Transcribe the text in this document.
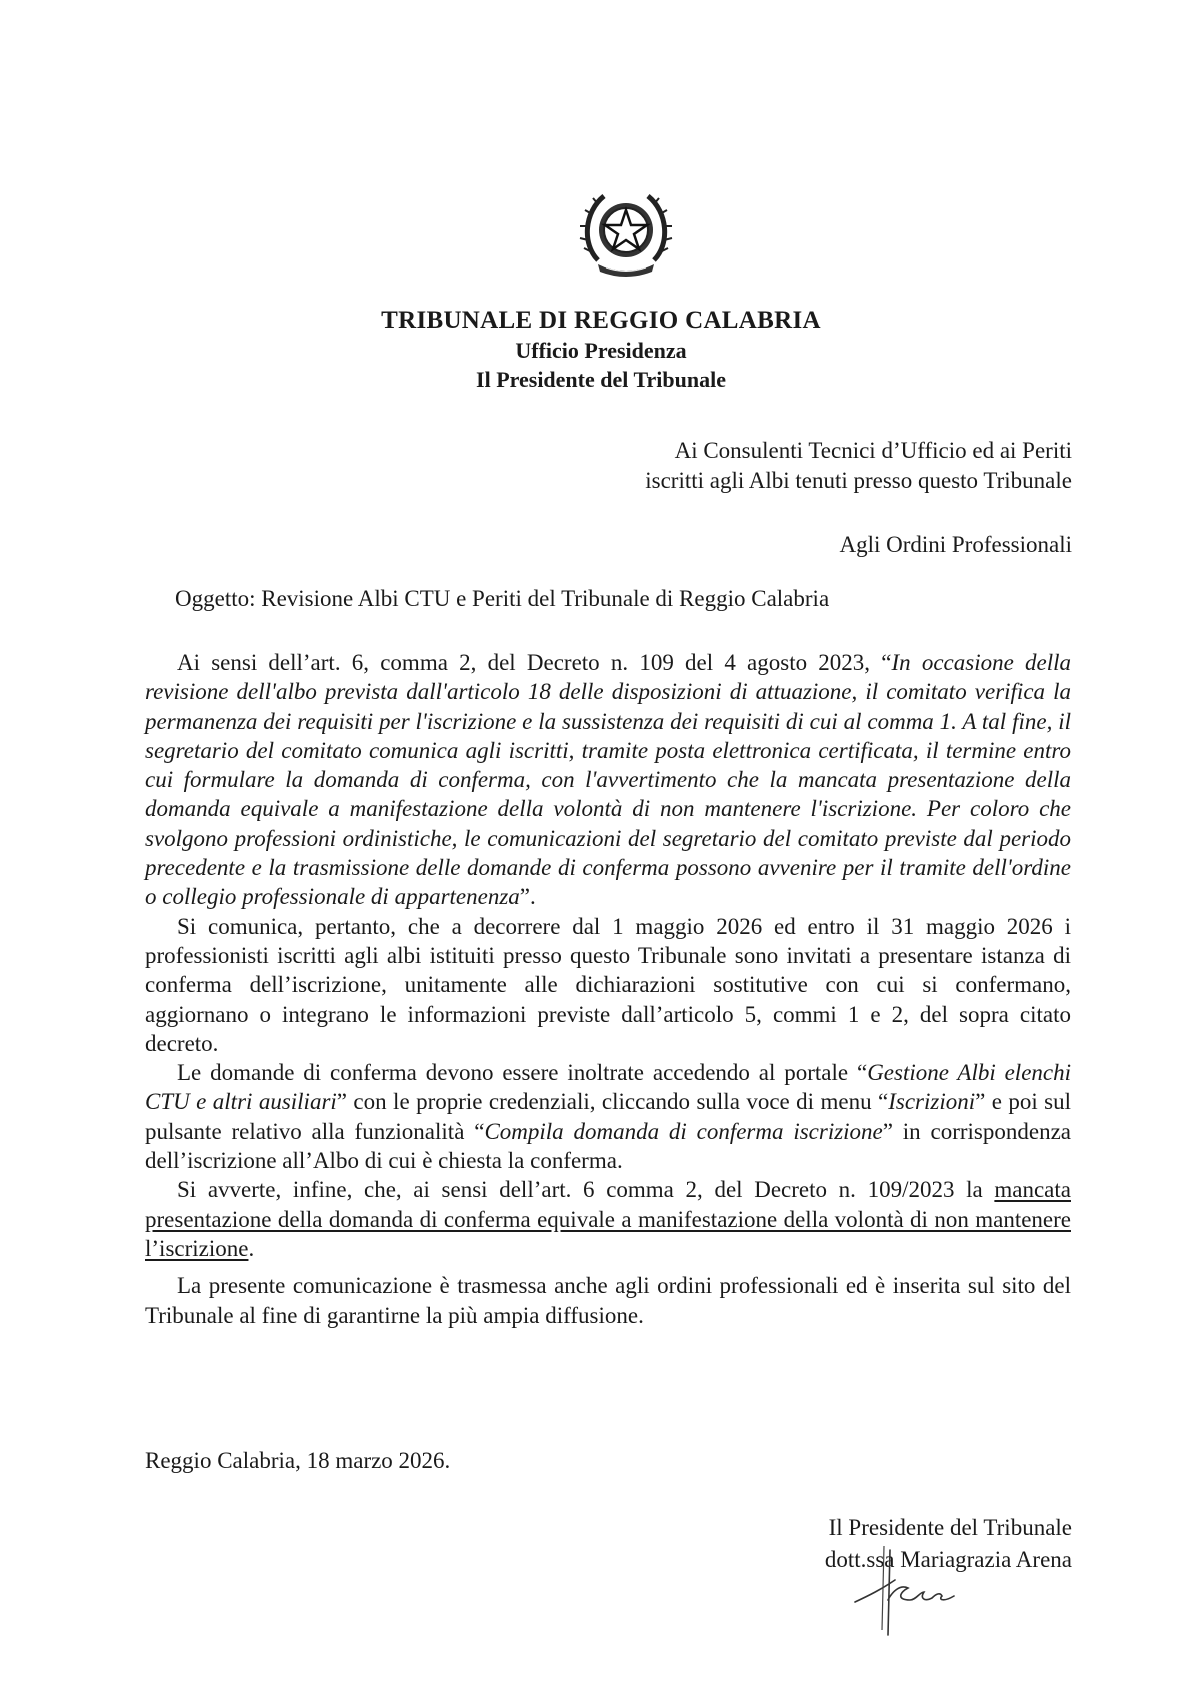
TRIBUNALE DI REGGIO CALABRIA
Ufficio Presidenza
Il Presidente del Tribunale
Ai Consulenti Tecnici d’Ufficio ed ai Periti
iscritti agli Albi tenuti presso questo Tribunale
Agli Ordini Professionali
Oggetto: Revisione Albi CTU e Periti del Tribunale di Reggio Calabria

Ai sensi dell’art. 6, comma 2, del Decreto n. 109 del 4 agosto 2023, “In occasione della revisione dell'albo prevista dall'articolo 18 delle disposizioni di attuazione, il comitato verifica la permanenza dei requisiti per l'iscrizione e la sussistenza dei requisiti di cui al comma 1. A tal fine, il segretario del comitato comunica agli iscritti, tramite posta elettronica certificata, il termine entro cui formulare la domanda di conferma, con l'avvertimento che la mancata presentazione della domanda equivale a manifestazione della volontà di non mantenere l'iscrizione. Per coloro che svolgono professioni ordinistiche, le comunicazioni del segretario del comitato previste dal periodo precedente e la trasmissione delle domande di conferma possono avvenire per il tramite dell'ordine o collegio professionale di appartenenza”.

Si comunica, pertanto, che a decorrere dal 1 maggio 2026 ed entro il 31 maggio 2026 i professionisti iscritti agli albi istituiti presso questo Tribunale sono invitati a presentare istanza di conferma dell’iscrizione, unitamente alle dichiarazioni sostitutive con cui si confermano, aggiornano o integrano le informazioni previste dall’articolo 5, commi 1 e 2, del sopra citato decreto.

Le domande di conferma devono essere inoltrate accedendo al portale “Gestione Albi elenchi CTU e altri ausiliari” con le proprie credenziali, cliccando sulla voce di menu “Iscrizioni” e poi sul pulsante relativo alla funzionalità “Compila domanda di conferma iscrizione” in corrispondenza dell’iscrizione all’Albo di cui è chiesta la conferma.

Si avverte, infine, che, ai sensi dell’art. 6 comma 2, del Decreto n. 109/2023 la mancata presentazione della domanda di conferma equivale a manifestazione della volontà di non mantenere l’iscrizione.

La presente comunicazione è trasmessa anche agli ordini professionali ed è inserita sul sito del Tribunale al fine di garantirne la più ampia diffusione.

Reggio Calabria, 18 marzo 2026.
Il Presidente del Tribunale
dott.ssa Mariagrazia Arena
